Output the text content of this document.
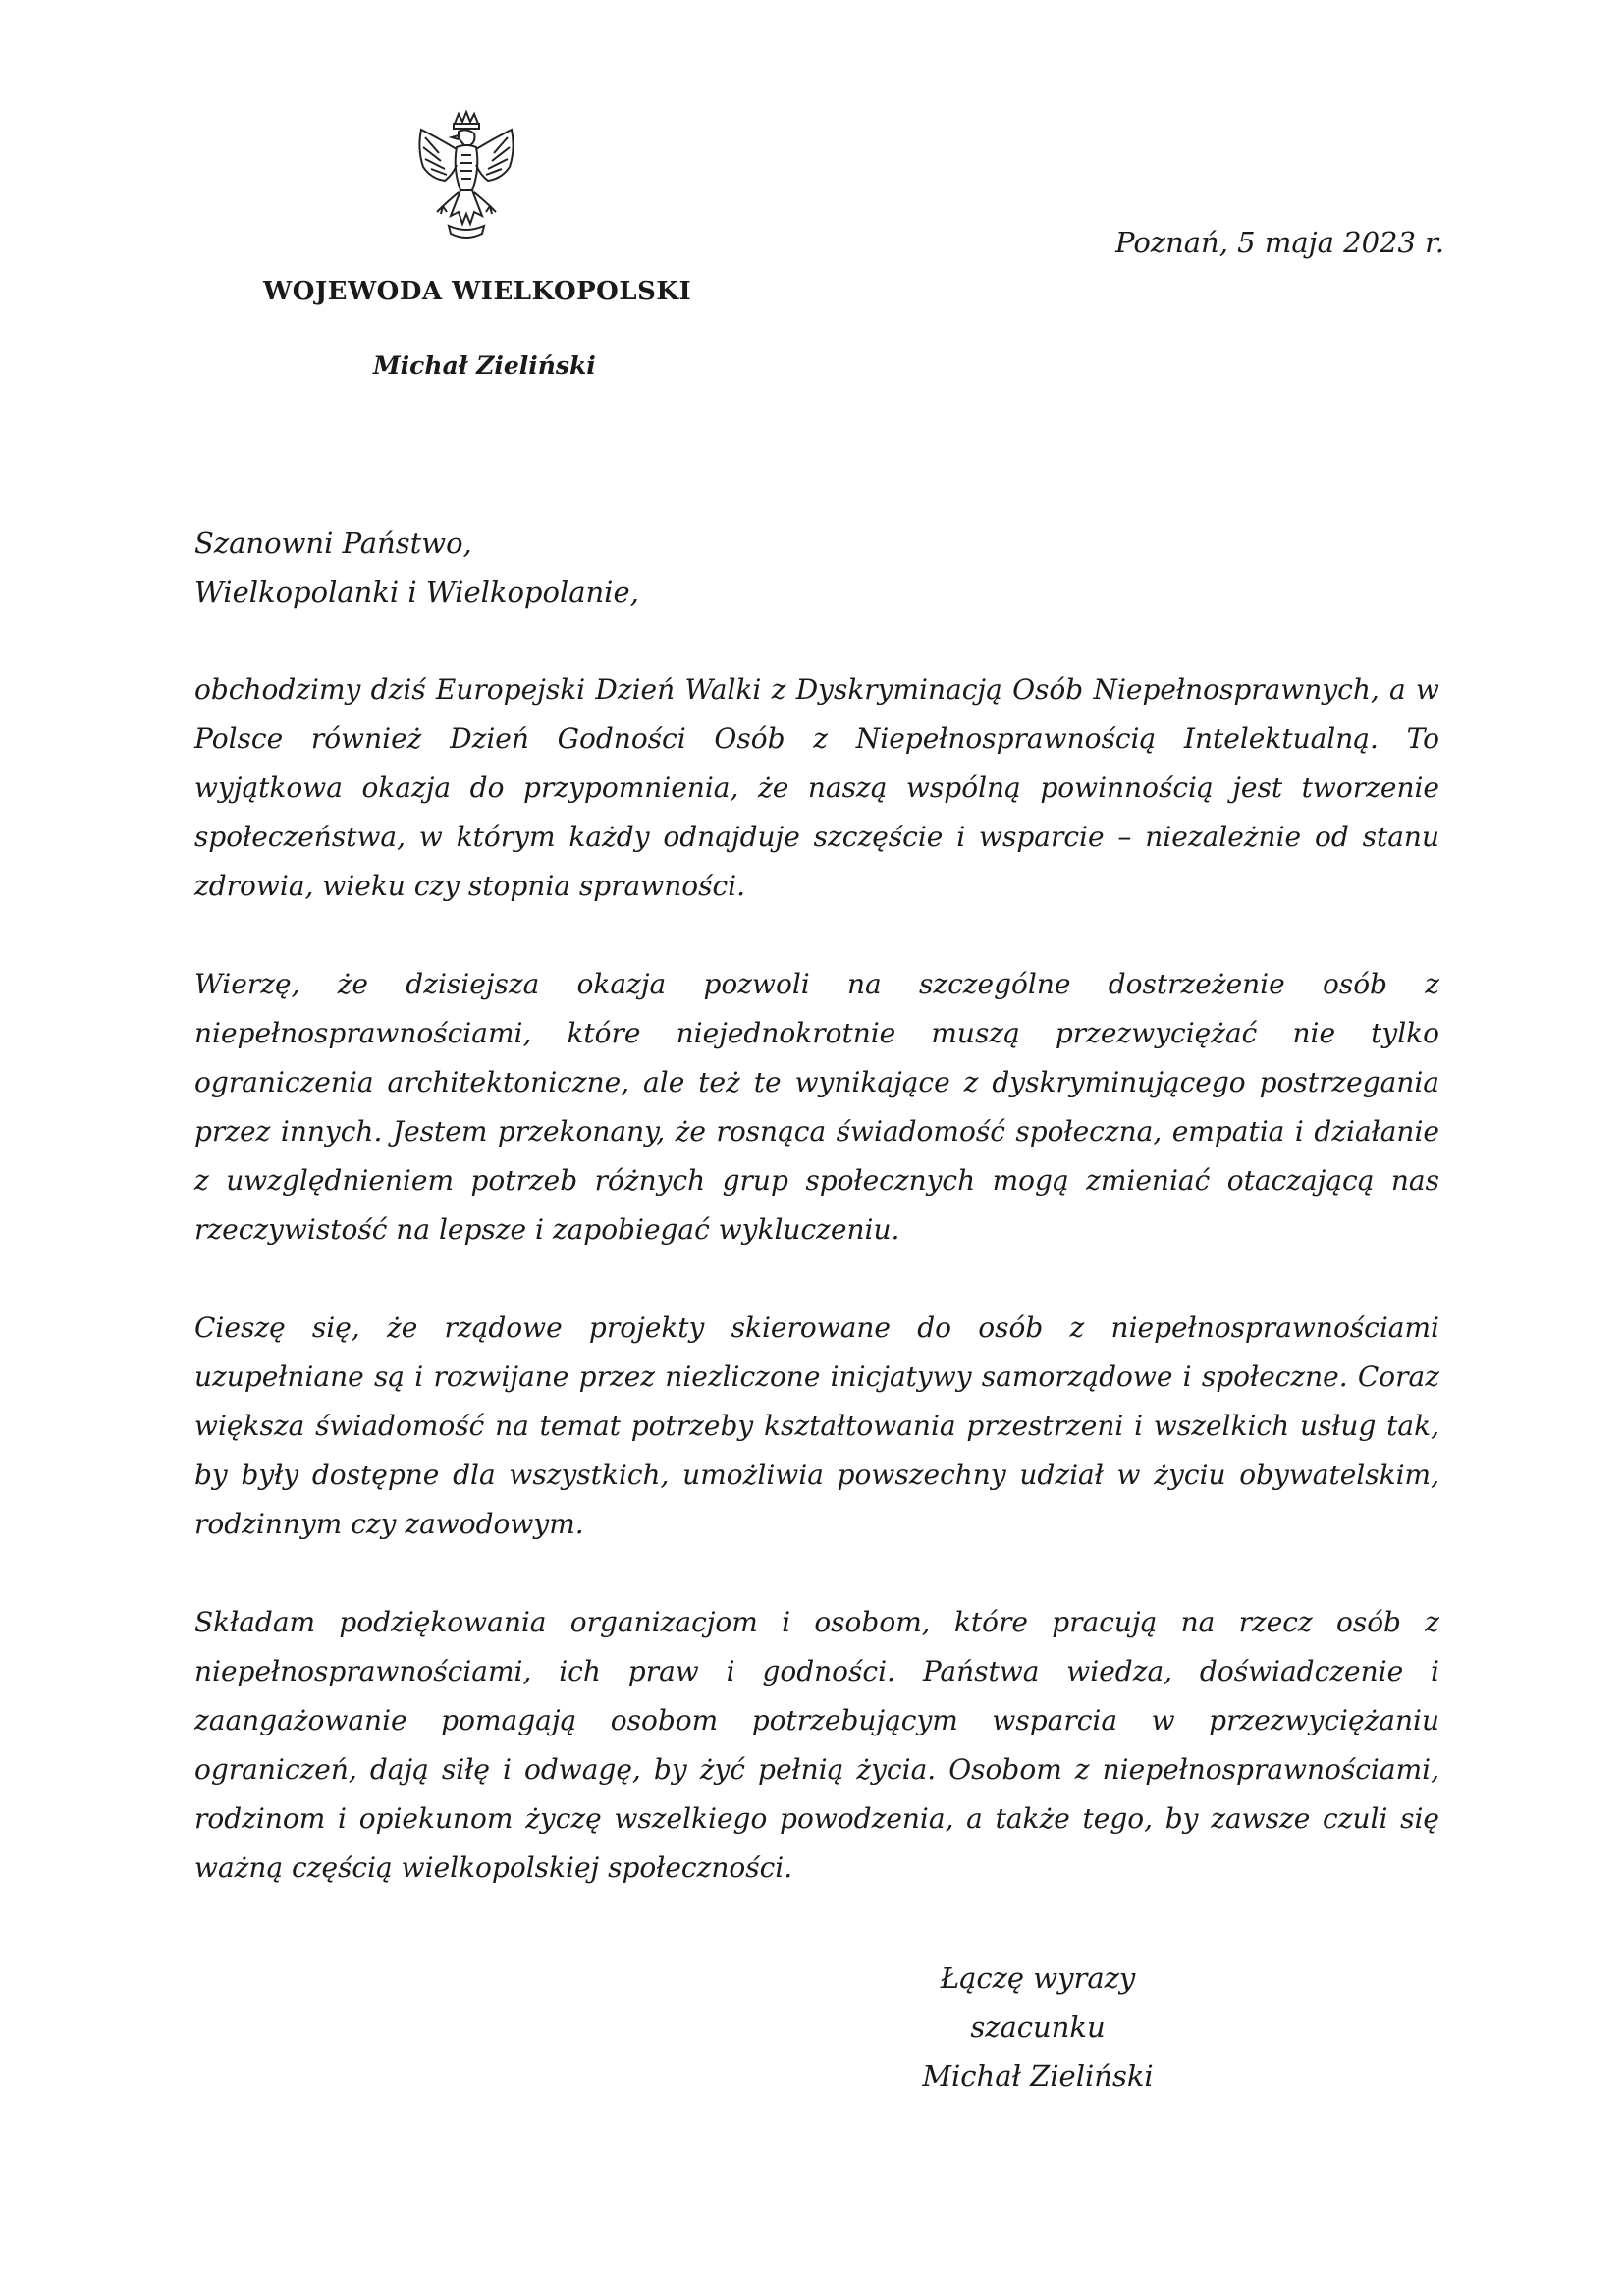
WOJEWODA WIELKOPOLSKI
Michał Zieliński
Poznań, 5 maja 2023 r.
Szanowni Państwo,
Wielkopolanki i Wielkopolanie,

obchodzimy dziś Europejski Dzień Walki z Dyskryminacją Osób Niepełnosprawnych, a w Polsce również Dzień Godności Osób z Niepełnosprawnością Intelektualną. To wyjątkowa okazja do przypomnienia, że naszą wspólną powinnością jest tworzenie społeczeństwa, w którym każdy odnajduje szczęście i wsparcie – niezależnie od stanu zdrowia, wieku czy stopnia sprawności.

Wierzę, że dzisiejsza okazja pozwoli na szczególne dostrzeżenie osób z niepełnosprawnościami, które niejednokrotnie muszą przezwyciężać nie tylko ograniczenia architektoniczne, ale też te wynikające z dyskryminującego postrzegania przez innych. Jestem przekonany, że rosnąca świadomość społeczna, empatia i działanie z uwzględnieniem potrzeb różnych grup społecznych mogą zmieniać otaczającą nas rzeczywistość na lepsze i zapobiegać wykluczeniu.

Cieszę się, że rządowe projekty skierowane do osób z niepełnosprawnościami uzupełniane są i rozwijane przez niezliczone inicjatywy samorządowe i społeczne. Coraz większa świadomość na temat potrzeby kształtowania przestrzeni i wszelkich usług tak, by były dostępne dla wszystkich, umożliwia powszechny udział w życiu obywatelskim, rodzinnym czy zawodowym.

Składam podziękowania organizacjom i osobom, które pracują na rzecz osób z niepełnosprawnościami, ich praw i godności. Państwa wiedza, doświadczenie i zaangażowanie pomagają osobom potrzebującym wsparcia w przezwyciężaniu ograniczeń, dają siłę i odwagę, by żyć pełnią życia. Osobom z niepełnosprawnościami, rodzinom i opiekunom życzę wszelkiego powodzenia, a także tego, by zawsze czuli się ważną częścią wielkopolskiej społeczności.

Łączę wyrazy szacunku
Michał Zieliński
